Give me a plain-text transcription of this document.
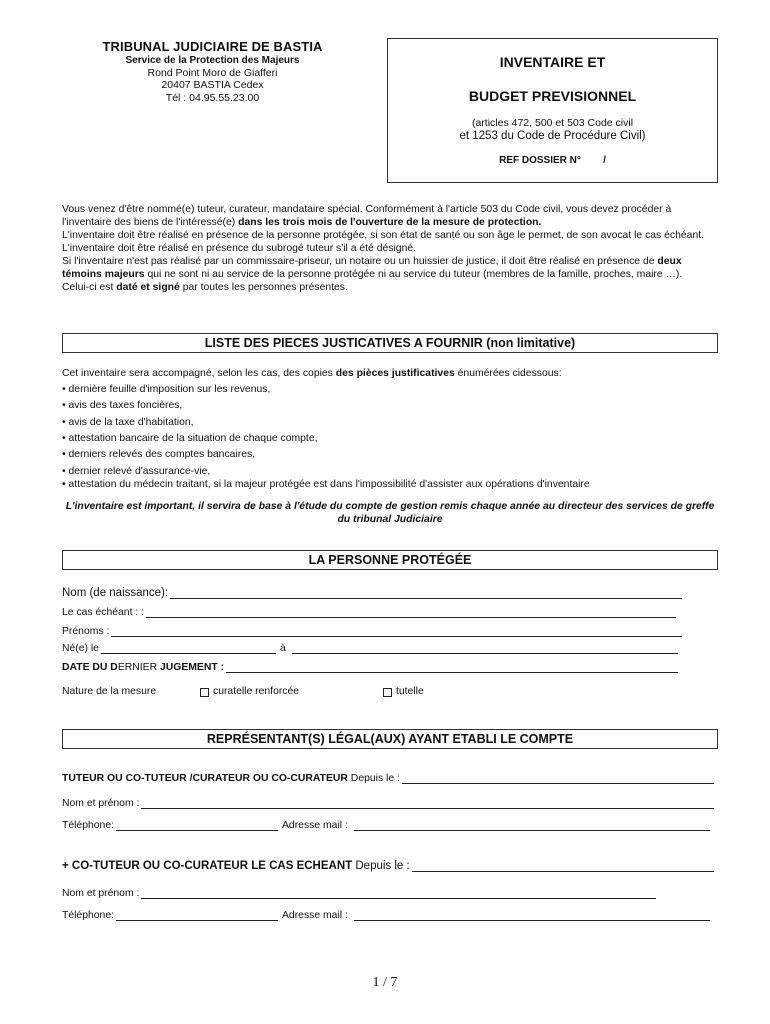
TRIBUNAL JUDICIAIRE DE BASTIA
Service de la Protection des Majeurs
Rond Point Moro de Giafferi
20407 BASTIA Cedex
Tél : 04.95.55.23.00
INVENTAIRE ET
BUDGET PREVISIONNEL
(articles 472, 500 et 503 Code civil
et 1253 du Code de Procédure Civil)
REF DOSSIER N°        /

Vous venez d'être nommé(e) tuteur, curateur, mandataire spécial. Conformément à l'article 503 du Code civil, vous devez procéder à l'inventaire des biens de l'intéressé(e) dans les trois mois de l'ouverture de la mesure de protection.

L'inventaire doit être réalisé en présence de la personne protégée, si son état de santé ou son âge le permet, de son avocat le cas échéant.

L'inventaire doit être réalisé en présence du subrogé tuteur s'il a été désigné.

Si l'inventaire n'est pas réalisé par un commissaire-priseur, un notaire ou un huissier de justice, il doit être réalisé en présence de deux témoins majeurs qui ne sont ni au service de la personne protégée ni au service du tuteur (membres de la famille, proches, maire …).

Celui-ci est daté et signé par toutes les personnes présentes.

LISTE DES PIECES JUSTICATIVES A FOURNIR (non limitative)

Cet inventaire sera accompagné, selon les cas, des copies des pièces justificatives énumérées cidessous:

• dernière feuille d'imposition sur les revenus,
• avis des taxes foncières,
• avis de la taxe d'habitation,
• attestation bancaire de la situation de chaque compte,
• derniers relevés des comptes bancaires,
• dernier relevé d'assurance-vie,
• attestation du médecin traitant, si la majeur protégée est dans l'impossibilité d'assister aux opérations d'inventaire
L'inventaire est important, il servira de base à l'étude du compte de gestion remis chaque année au directeur des services de greffe du tribunal Judiciaire
LA PERSONNE PROTÉGÉE
Nom (de naissance):
Le cas échéant : :
Prénoms :
Né(e) le	à
DATE DU DERNIER JUGEMENT :
Nature de la mesure	curatelle renforcée	tutelle
REPRÉSENTANT(S) LÉGAL(AUX) AYANT ETABLI LE COMPTE
TUTEUR OU CO-TUTEUR /CURATEUR OU CO-CURATEUR Depuis le :
Nom et prénom :
Téléphone:	Adresse mail :
+ CO-TUTEUR OU CO-CURATEUR LE CAS ECHEANT Depuis le :
Nom et prénom :
Téléphone:	Adresse mail :
1 / 7
